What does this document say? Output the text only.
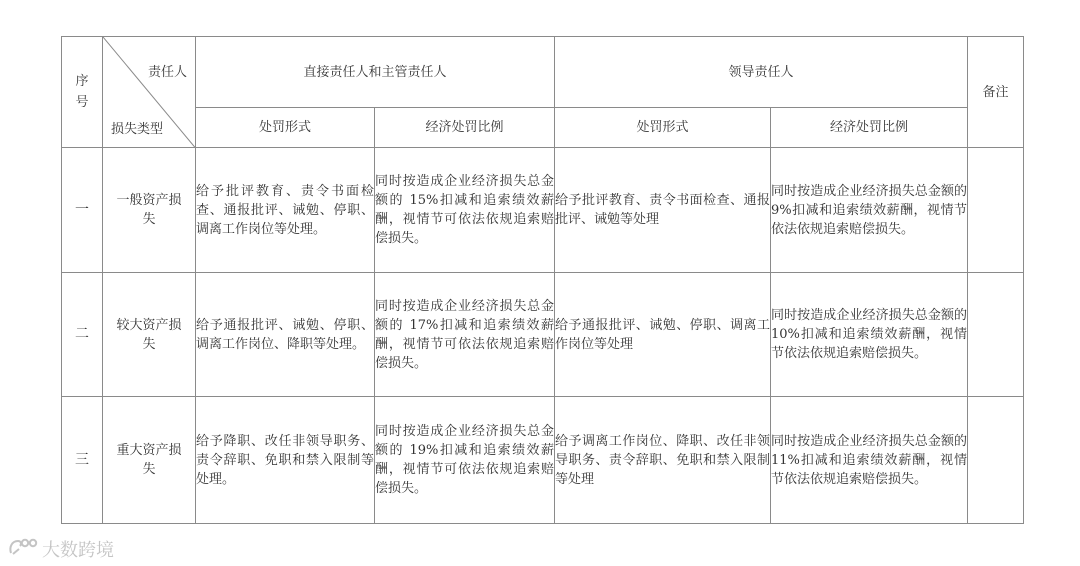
序号	责任人
损失类型	直接责任人和主管责任人		领导责任人		备注
		处罚形式	经济处罚比例	处罚形式	经济处罚比例	
一	一般资产损失	给予批评教育、责令书面检查、通报批评、诫勉、停职、调离工作岗位等处理。	同时按造成企业经济损失总金额的 15%扣减和追索绩效薪酬，视情节可依法依规追索赔偿损失。	给予批评教育、责令书面检查、通报批评、诫勉等处理	同时按造成企业经济损失总金额的 9%扣减和追索绩效薪酬，视情节依法依规追索赔偿损失。	
二	较大资产损失	给予通报批评、诫勉、停职、调离工作岗位、降职等处理。	同时按造成企业经济损失总金额的 17%扣减和追索绩效薪酬，视情节可依法依规追索赔偿损失。	给予通报批评、诫勉、停职、调离工作岗位等处理	同时按造成企业经济损失总金额的 10%扣减和追索绩效薪酬，视情节依法依规追索赔偿损失。	
三	重大资产损失	给予降职、改任非领导职务、责令辞职、免职和禁入限制等处理。	同时按造成企业经济损失总金额的 19%扣减和追索绩效薪酬，视情节可依法依规追索赔偿损失。	给予调离工作岗位、降职、改任非领导职务、责令辞职、免职和禁入限制等处理	同时按造成企业经济损失总金额的 11%扣减和追索绩效薪酬，视情节依法依规追索赔偿损失。	
大数跨境
